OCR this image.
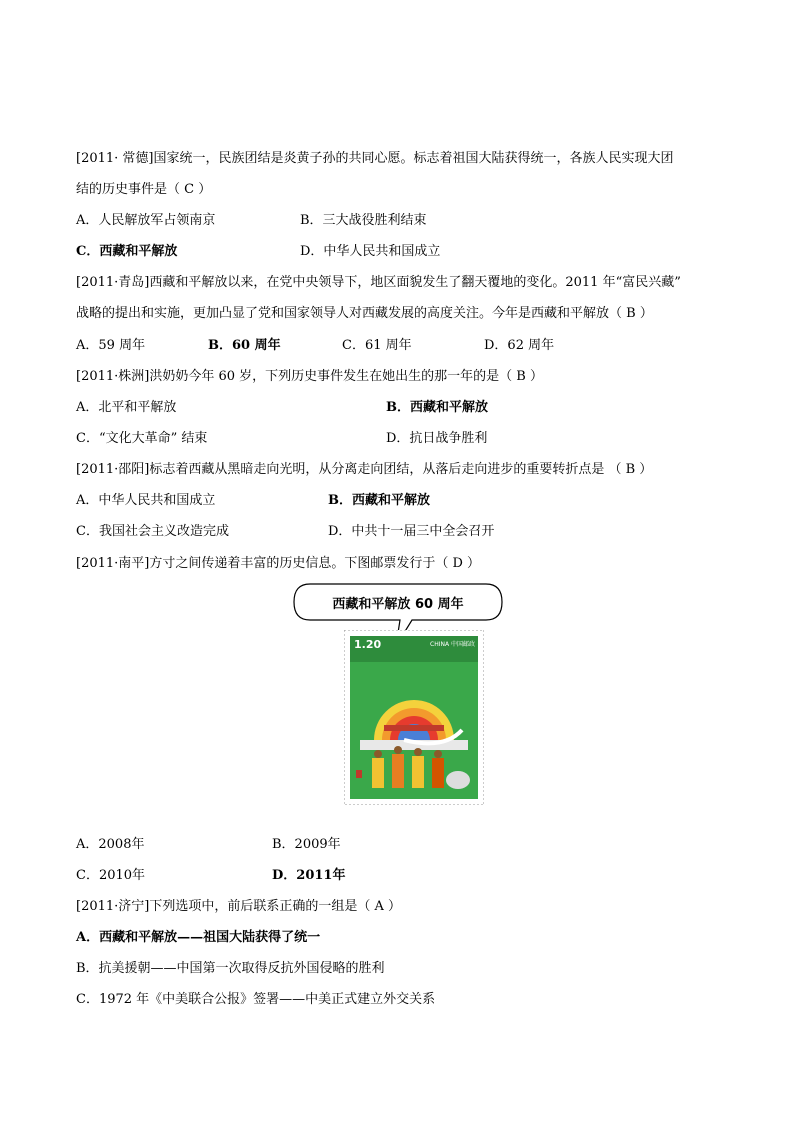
[2011· 常德]国家统一，民族团结是炎黄子孙的共同心愿。标志着祖国大陆获得统一，各族人民实现大团
结的历史事件是（ C ）
A．人民解放军占领南京	B．三大战役胜利结束
C．西藏和平解放	D．中华人民共和国成立
[2011·青岛]西藏和平解放以来，在党中央领导下，地区面貌发生了翻天覆地的变化。2011 年“富民兴藏”
战略的提出和实施，更加凸显了党和国家领导人对西藏发展的高度关注。今年是西藏和平解放（ B ）
A．59 周年	B．60 周年	C．61 周年	D．62 周年
[2011·株洲]洪奶奶今年 60 岁，下列历史事件发生在她出生的那一年的是（ B ）
A．北平和平解放	B．西藏和平解放
C．“文化大革命” 结束	D．抗日战争胜利
[2011·邵阳]标志着西藏从黑暗走向光明，从分离走向团结，从落后走向进步的重要转折点是 （ B ）
A．中华人民共和国成立	B．西藏和平解放
C．我国社会主义改造完成	D．中共十一届三中全会召开
[2011·南平]方寸之间传递着丰富的历史信息。下图邮票发行于（ D ）
西藏和平解放 60 周年
1.20	CHINA 中国邮政
A．2008年	B．2009年
C．2010年	D．2011年
[2011·济宁]下列选项中，前后联系正确的一组是（ A ）
A．西藏和平解放——祖国大陆获得了统一
B．抗美援朝——中国第一次取得反抗外国侵略的胜利
C．1972 年《中美联合公报》签署——中美正式建立外交关系
